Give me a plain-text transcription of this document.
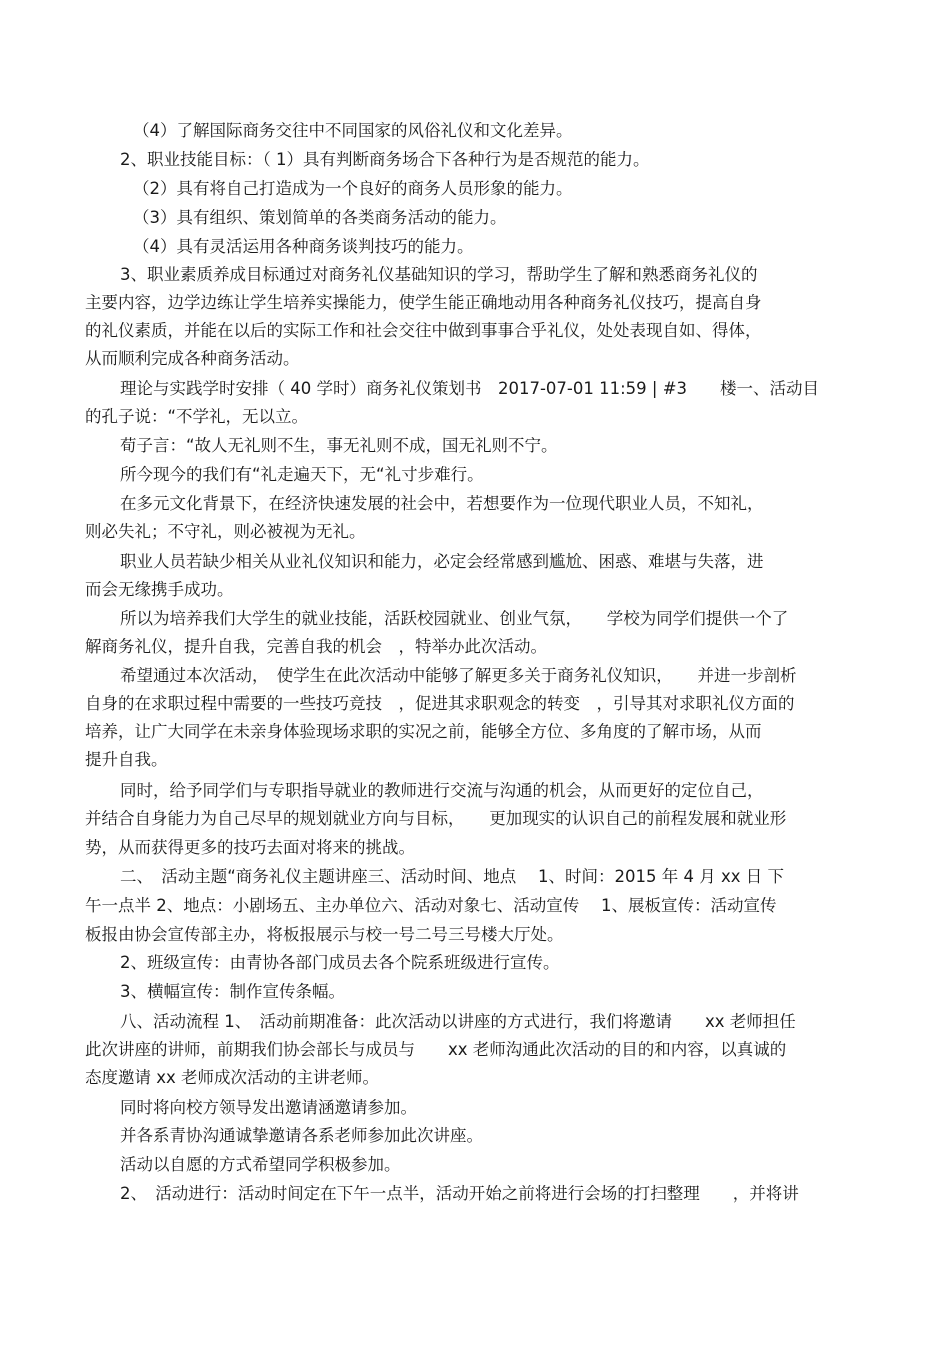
（4）了解国际商务交往中不同国家的风俗礼仪和文化差异。
2、职业技能目标：（ 1）具有判断商务场合下各种行为是否规范的能力。
（2）具有将自己打造成为一个良好的商务人员形象的能力。
（3）具有组织、策划简单的各类商务活动的能力。
（4）具有灵活运用各种商务谈判技巧的能力。
3、职业素质养成目标通过对商务礼仪基础知识的学习，帮助学生了解和熟悉商务礼仪的
主要内容，边学边练让学生培养实操能力，使学生能正确地动用各种商务礼仪技巧，提高自身
的礼仪素质，并能在以后的实际工作和社会交往中做到事事合乎礼仪，处处表现自如、得体，
从而顺利完成各种商务活动。
理论与实践学时安排（ 40 学时）商务礼仪策划书　2017-07-01 11:59 | #3　　楼一、活动目
的孔子说：“不学礼，无以立。
荀子言：“故人无礼则不生，事无礼则不成，国无礼则不宁。
所今现今的我们有“礼走遍天下，无“礼寸步难行。
在多元文化背景下，在经济快速发展的社会中，若想要作为一位现代职业人员，不知礼，
则必失礼；不守礼，则必被视为无礼。
职业人员若缺少相关从业礼仪知识和能力，必定会经常感到尴尬、困惑、难堪与失落，进
而会无缘携手成功。
所以为培养我们大学生的就业技能，活跃校园就业、创业气氛，　　学校为同学们提供一个了
解商务礼仪，提升自我，完善自我的机会　，特举办此次活动。
希望通过本次活动，　使学生在此次活动中能够了解更多关于商务礼仪知识，　　并进一步剖析
自身的在求职过程中需要的一些技巧竞技　，促进其求职观念的转变　，引导其对求职礼仪方面的
培养，让广大同学在未亲身体验现场求职的实况之前，能够全方位、多角度的了解市场，从而
提升自我。
同时，给予同学们与专职指导就业的教师进行交流与沟通的机会，从而更好的定位自己，
并结合自身能力为自己尽早的规划就业方向与目标，　　更加现实的认识自己的前程发展和就业形
势，从而获得更多的技巧去面对将来的挑战。
二、　活动主题“商务礼仪主题讲座三、活动时间、地点　 1、时间：2015 年 4 月 xx 日 下
午一点半 2、地点：小剧场五、主办单位六、活动对象七、活动宣传　 1、展板宣传：活动宣传
板报由协会宣传部主办，将板报展示与校一号二号三号楼大厅处。
2、班级宣传：由青协各部门成员去各个院系班级进行宣传。
3、横幅宣传：制作宣传条幅。
八、活动流程 1、　活动前期准备：此次活动以讲座的方式进行，我们将邀请　　xx 老师担任
此次讲座的讲师，前期我们协会部长与成员与　　xx 老师沟通此次活动的目的和内容，以真诚的
态度邀请 xx 老师成次活动的主讲老师。
同时将向校方领导发出邀请涵邀请参加。
并各系青协沟通诚挚邀请各系老师参加此次讲座。
活动以自愿的方式希望同学积极参加。
2、　活动进行：活动时间定在下午一点半，活动开始之前将进行会场的打扫整理　　，并将讲
